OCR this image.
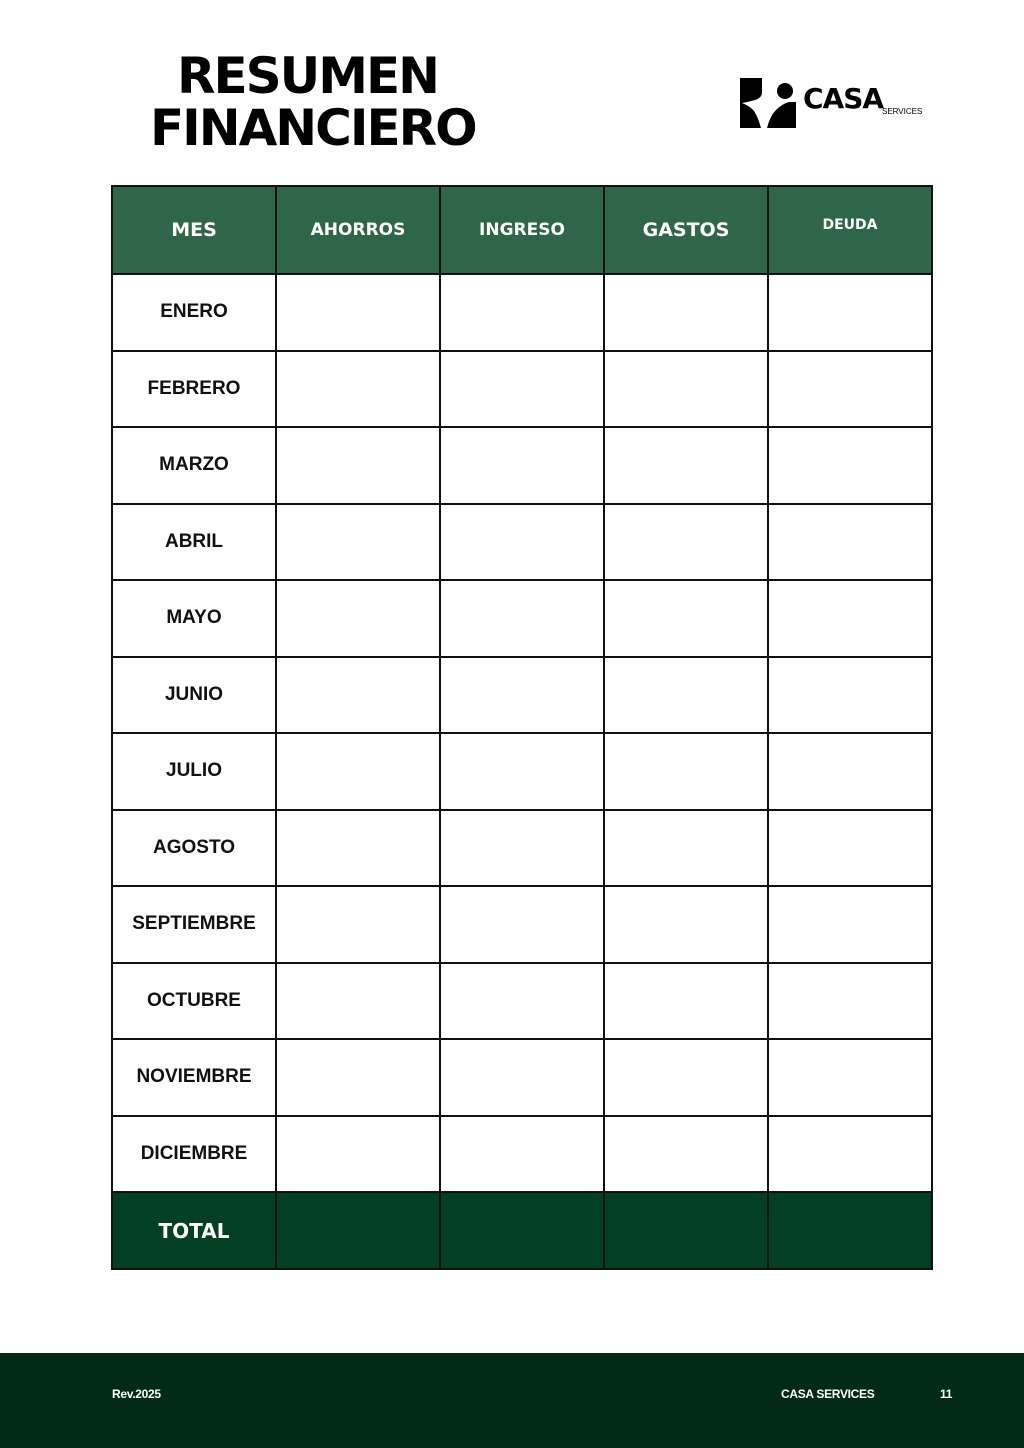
RESUMEN
FINANCIERO
CASA
SERVICES
MES	AHORROS	INGRESO	GASTOS	DEUDA
ENERO				
FEBRERO				
MARZO				
ABRIL				
MAYO				
JUNIO				
JULIO				
AGOSTO				
SEPTIEMBRE				
OCTUBRE				
NOVIEMBRE				
DICIEMBRE				
TOTAL				
Rev.2025	CASA SERVICES	11
